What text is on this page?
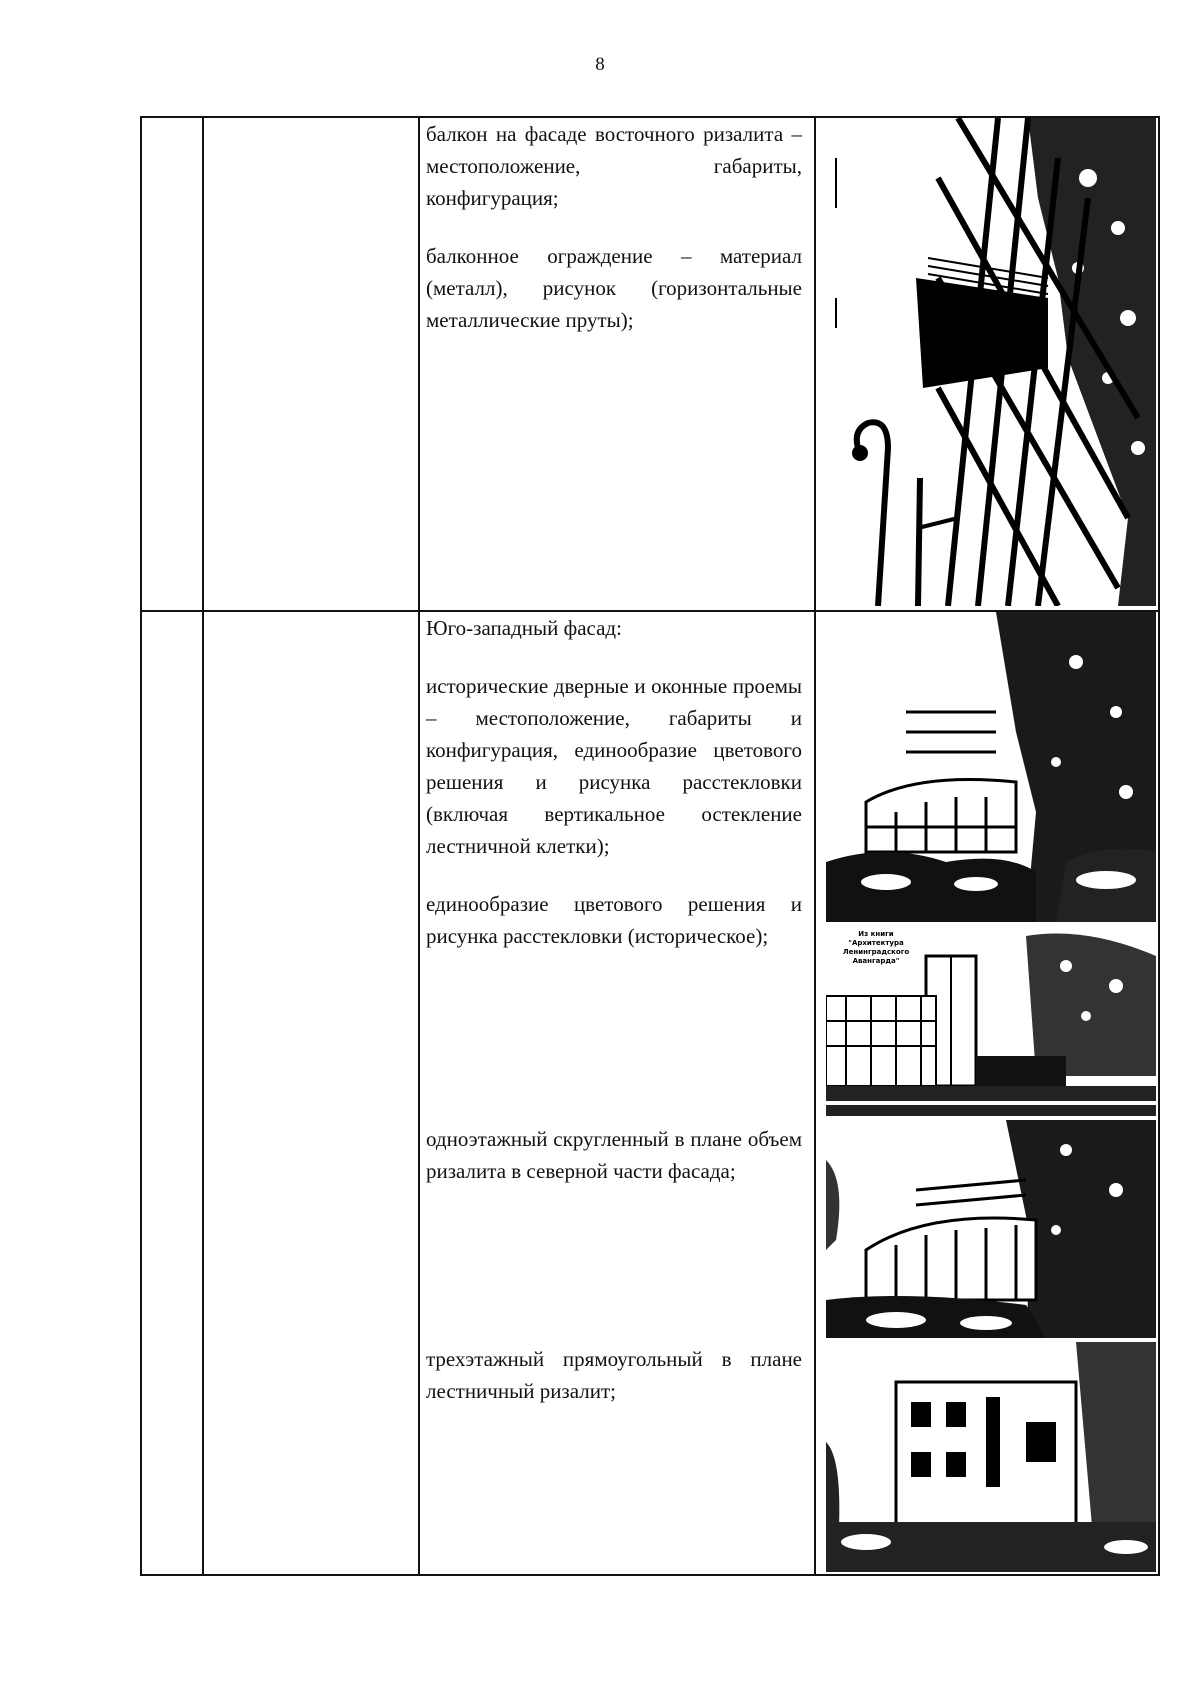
8

балкон на фасаде восточного ризалита – местоположение, габариты, конфигурация;

балконное ограждение – материал (металл), рисунок (горизонтальные металлические пруты);

Юго-западный фасад:

исторические дверные и оконные проемы – местоположение, габариты и конфигурация, единообразие цветового решения и рисунка расстекловки (включая вертикальное остекление лестничной клетки);

единообразие цветового решения и рисунка расстекловки (историческое);

одноэтажный скругленный в плане объем ризалита в северной части фасада;

трехэтажный прямоугольный в плане лестничный ризалит;

Из книги
"Архитектура
Ленинградского
Авангарда"
